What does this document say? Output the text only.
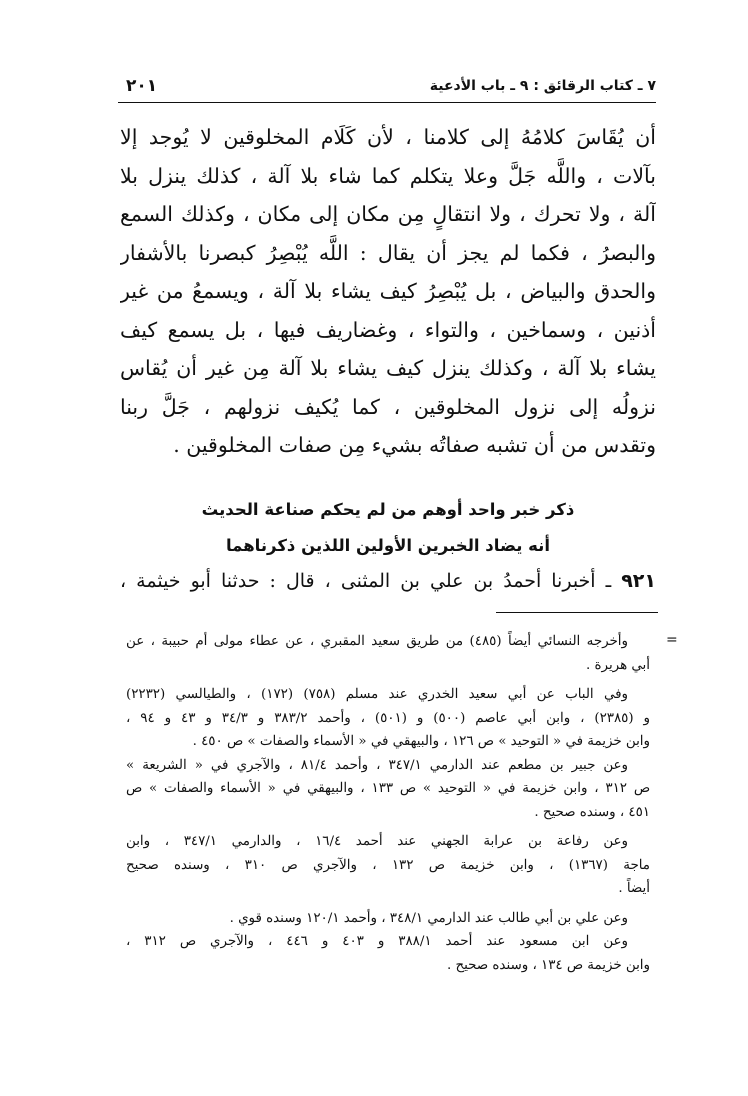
٧ ـ كتاب الرقائق : ٩ ـ باب الأدعية
٢٠١
أن يُقَاسَ كلامُهُ إلى كلامنا ، لأن كَلَام المخلوقين لا يُوجد إلا
بآلات ، واللَّه جَلَّ وعلا يتكلم كما شاء بلا آلة ، كذلك ينزل بلا
آلة ، ولا تحرك ، ولا انتقالٍ مِن مكان إلى مكان ، وكذلك السمع
والبصرُ ، فكما لم يجز أن يقال : اللَّه يُبْصِرُ كبصرنا بالأشفار
والحدق والبياض ، بل يُبْصِرُ كيف يشاء بلا آلة ، ويسمعُ من غير
أذنين ، وسماخين ، والتواء ، وغضاريف فيها ، بل يسمع كيف
يشاء بلا آلة ، وكذلك ينزل كيف يشاء بلا آلة مِن غير أن يُقاس
نزولُه إلى نزول المخلوقين ، كما يُكيف نزولهم ، جَلَّ ربنا
وتقدس من أن تشبه صفاتُه بشيء مِن صفات المخلوقين .
ذكر خبر واحد أوهم من لم يحكم صناعة الحديث
أنه يضاد الخبرين الأولين اللذين ذكرناهما
٩٢١ ـ أخبرنا أحمدُ بن علي بن المثنى ، قال : حدثنا أبو خيثمة ،
=
وأخرجه النسائي أيضاً (٤٨٥) من طريق سعيد المقبري ، عن عطاء مولى أم حبيبة ، عن
أبي هريرة .
وفي الباب عن أبي سعيد الخدري عند مسلم (٧٥٨) (١٧٢) ، والطيالسي (٢٢٣٢)
و (٢٣٨٥) ، وابن أبي عاصم (٥٠٠) و (٥٠١) ، وأحمد ٣٨٣/٢ و ٣٤/٣ و ٤٣ و ٩٤ ،
وابن خزيمة في « التوحيد » ص ١٢٦ ، والبيهقي في « الأسماء والصفات » ص ٤٥٠ .
وعن جبير بن مطعم عند الدارمي ٣٤٧/١ ، وأحمد ٨١/٤ ، والآجري في « الشريعة »
ص ٣١٢ ، وابن خزيمة في « التوحيد » ص ١٣٣ ، والبيهقي في « الأسماء والصفات » ص
٤٥١ ، وسنده صحيح .
وعن رفاعة بن عرابة الجهني عند أحمد ١٦/٤ ، والدارمي ٣٤٧/١ ، وابن
ماجة (١٣٦٧) ، وابن خزيمة ص ١٣٢ ، والآجري ص ٣١٠ ، وسنده صحيح
أيضاً .
وعن علي بن أبي طالب عند الدارمي ٣٤٨/١ ، وأحمد ١٢٠/١ وسنده قوي .
وعن ابن مسعود عند أحمد ٣٨٨/١ و ٤٠٣ و ٤٤٦ ، والآجري ص ٣١٢ ،
وابن خزيمة ص ١٣٤ ، وسنده صحيح .
